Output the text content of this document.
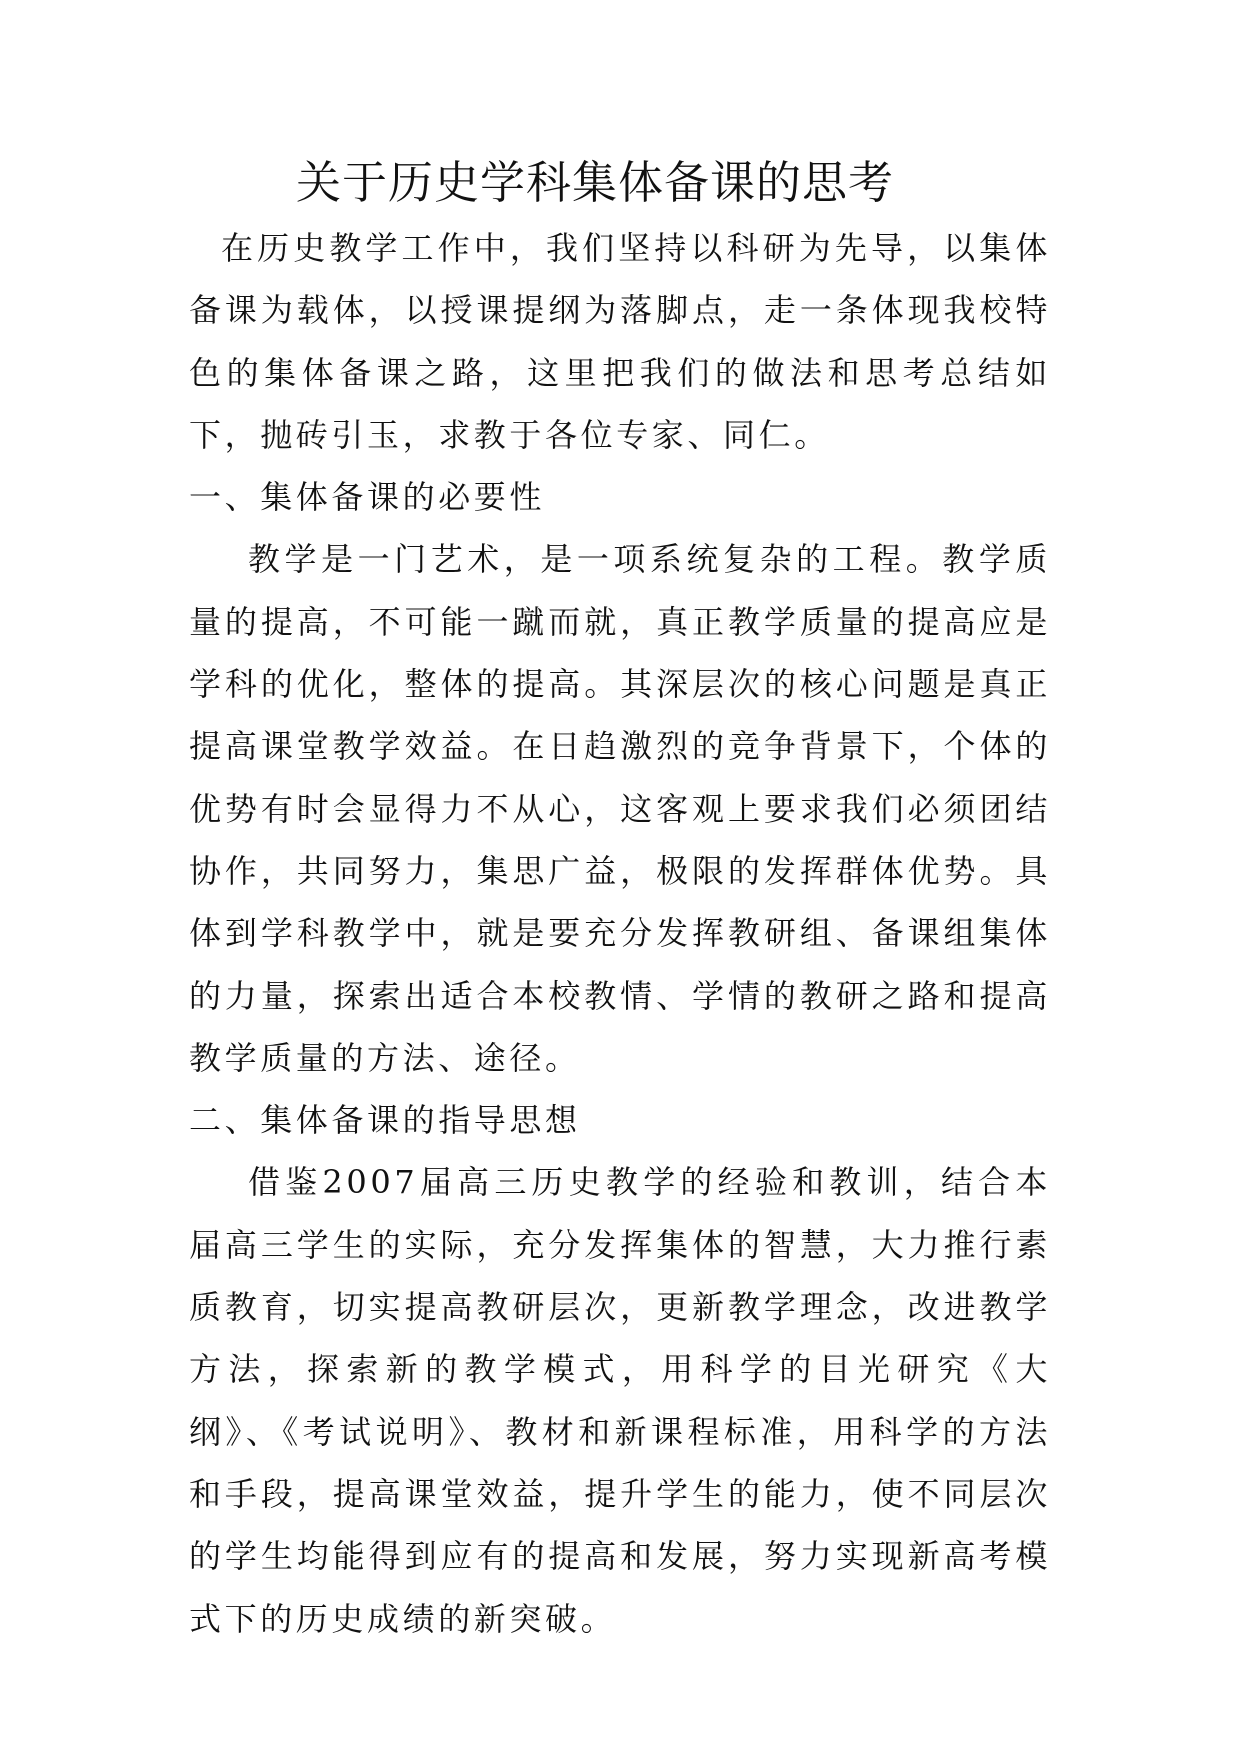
关于历史学科集体备课的思考

在历史教学工作中，我们坚持以科研为先导，以集体备课为载体，以授课提纲为落脚点，走一条体现我校特色的集体备课之路，这里把我们的做法和思考总结如下，抛砖引玉，求教于各位专家、同仁。

一、集体备课的必要性

教学是一门艺术，是一项系统复杂的工程。教学质量的提高，不可能一蹴而就，真正教学质量的提高应是学科的优化，整体的提高。其深层次的核心问题是真正提高课堂教学效益。在日趋激烈的竞争背景下，个体的优势有时会显得力不从心，这客观上要求我们必须团结协作，共同努力，集思广益，极限的发挥群体优势。具体到学科教学中，就是要充分发挥教研组、备课组集体的力量，探索出适合本校教情、学情的教研之路和提高教学质量的方法、途径。

二、集体备课的指导思想

借鉴2007届高三历史教学的经验和教训，结合本届高三学生的实际，充分发挥集体的智慧，大力推行素质教育，切实提高教研层次，更新教学理念，改进教学方法，探索新的教学模式，用科学的目光研究《大纲》、《考试说明》、教材和新课程标准，用科学的方法和手段，提高课堂效益，提升学生的能力，使不同层次的学生均能得到应有的提高和发展，努力实现新高考模式下的历史成绩的新突破。
